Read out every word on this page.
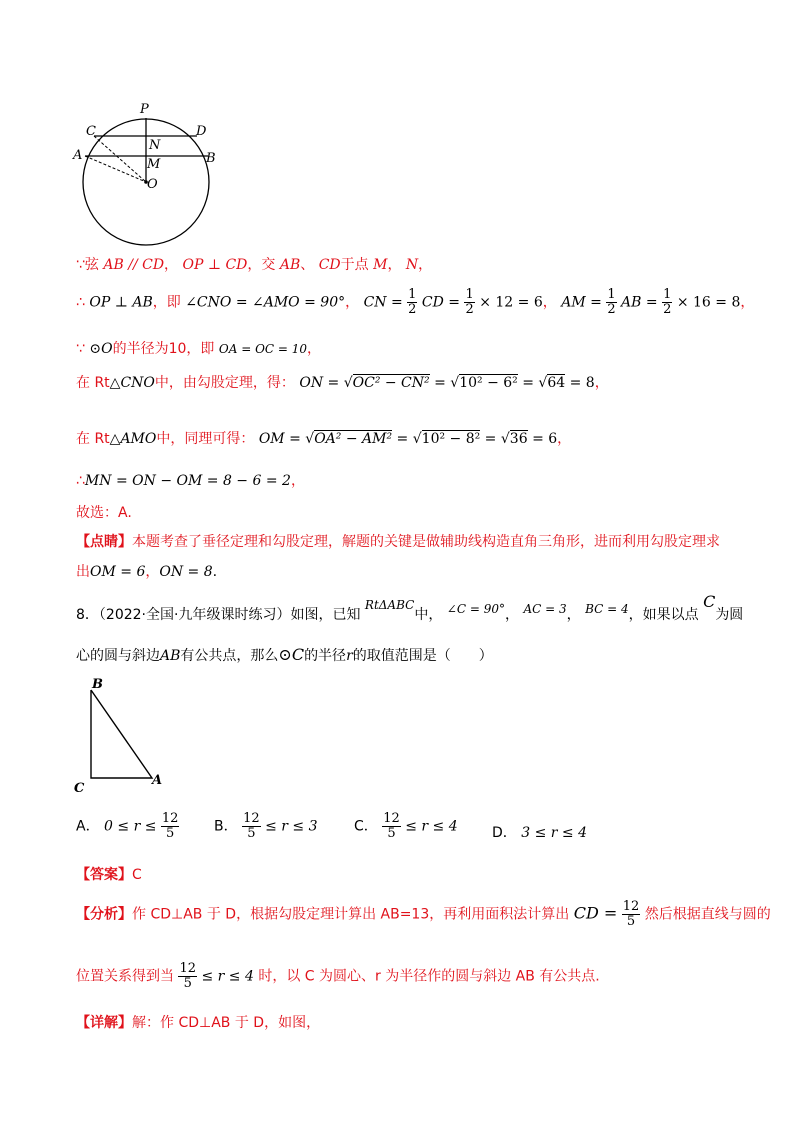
P
C	D
N
A	B
M
O
∵弦 AB // CD， OP ⊥ CD，交 AB、 CD于点 M， N，
∴ OP ⊥ AB，即 ∠CNO = ∠AMO = 90°， CN = $\frac{1}{2}$ CD = $\frac{1}{2} \times 12 = 6$， AM = $\frac{1}{2}$ AB = $\frac{1}{2} \times 16 = 8$，
∵ ⊙O的半径为10，即 OA = OC = 10，
在 Rt△CNO中，由勾股定理，得： ON = √OC² − CN² = √10² − 6² = √64 = 8，
在 Rt△AMO中，同理可得： OM = √OA² − AM² = √10² − 8² = √36 = 6，
∴MN = ON − OM = 8 − 6 = 2，
故选：A.
【点睛】本题考查了垂径定理和勾股定理，解题的关键是做辅助线构造直角三角形，进而利用勾股定理求
出OM = 6，ON = 8.
8．（2022·全国·九年级课时练习）如图，已知 RtΔABC中， ∠C = 90°， AC = 3， BC = 4，如果以点 C为圆
心的圆与斜边AB有公共点，那么⊙C的半径r的取值范围是（　　）
B
C
A
A． $0 \le r \le \frac{12}{5}$ B． $\frac{12}{5} \le r \le 3$	C． $\frac{12}{5} \le r \le 4$ D． 3 ≤ r ≤ 4
【答案】C
【分析】作 CD⊥AB 于 D，根据勾股定理计算出 AB=13，再利用面积法计算出 CD = $\frac{12}{5}$ 然后根据直线与圆的
位置关系得到当 $\frac{12}{5} \le r \le 4$ 时，以 C 为圆心、r 为半径作的圆与斜边 AB 有公共点.
【详解】解：作 CD⊥AB 于 D，如图，
